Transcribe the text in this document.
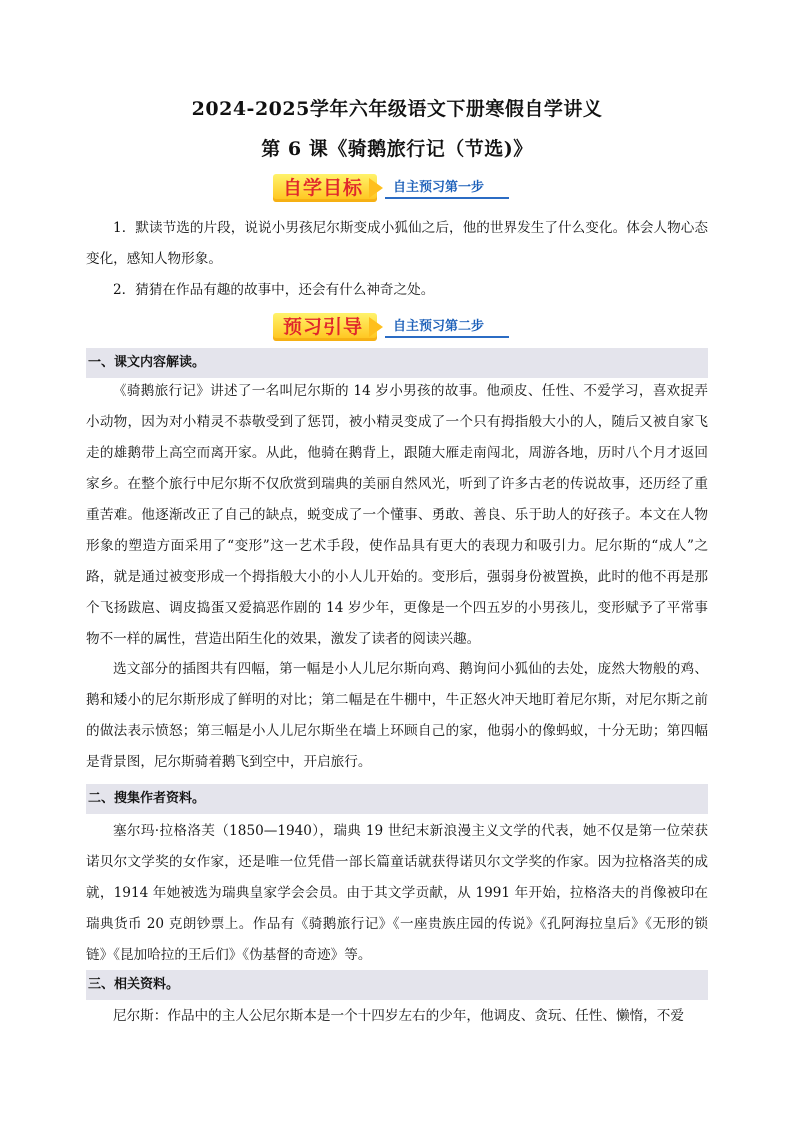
2024-2025学年六年级语文下册寒假自学讲义
第 6 课《骑鹅旅行记（节选)》
自学目标	自主预习第一步

1．默读节选的片段，说说小男孩尼尔斯变成小狐仙之后，他的世界发生了什么变化。体会人物心态变化，感知人物形象。

2．猜猜在作品有趣的故事中，还会有什么神奇之处。

预习引导	自主预习第二步
一、课文内容解读。

《骑鹅旅行记》讲述了一名叫尼尔斯的 14 岁小男孩的故事。他顽皮、任性、不爱学习，喜欢捉弄小动物，因为对小精灵不恭敬受到了惩罚，被小精灵变成了一个只有拇指般大小的人，随后又被自家飞走的雄鹅带上高空而离开家。从此，他骑在鹅背上，跟随大雁走南闯北，周游各地，历时八个月才返回家乡。在整个旅行中尼尔斯不仅欣赏到瑞典的美丽自然风光，听到了许多古老的传说故事，还历经了重重苦难。他逐渐改正了自己的缺点，蜕变成了一个懂事、勇敢、善良、乐于助人的好孩子。本文在人物形象的塑造方面采用了“变形”这一艺术手段，使作品具有更大的表现力和吸引力。尼尔斯的“成人”之路，就是通过被变形成一个拇指般大小的小人儿开始的。变形后，强弱身份被置换，此时的他不再是那个飞扬跋扈、调皮捣蛋又爱搞恶作剧的 14 岁少年，更像是一个四五岁的小男孩儿，变形赋予了平常事物不一样的属性，营造出陌生化的效果，激发了读者的阅读兴趣。

选文部分的插图共有四幅，第一幅是小人儿尼尔斯向鸡、鹅询问小狐仙的去处，庞然大物般的鸡、鹅和矮小的尼尔斯形成了鲜明的对比；第二幅是在牛棚中，牛正怒火冲天地盯着尼尔斯，对尼尔斯之前的做法表示愤怒；第三幅是小人儿尼尔斯坐在墙上环顾自己的家，他弱小的像蚂蚁，十分无助；第四幅是背景图，尼尔斯骑着鹅飞到空中，开启旅行。

二、搜集作者资料。

塞尔玛·拉格洛芙（1850—1940），瑞典 19 世纪末新浪漫主义文学的代表，她不仅是第一位荣获诺贝尔文学奖的女作家，还是唯一位凭借一部长篇童话就获得诺贝尔文学奖的作家。因为拉格洛芙的成就，1914 年她被选为瑞典皇家学会会员。由于其文学贡献，从 1991 年开始，拉格洛夫的肖像被印在瑞典货币 20 克朗钞票上。作品有《骑鹅旅行记》《一座贵族庄园的传说》《孔阿海拉皇后》《无形的锁链》《昆加哈拉的王后们》《伪基督的奇迹》等。

三、相关资料。

尼尔斯：作品中的主人公尼尔斯本是一个十四岁左右的少年，他调皮、贪玩、任性、懒惰，不爱
